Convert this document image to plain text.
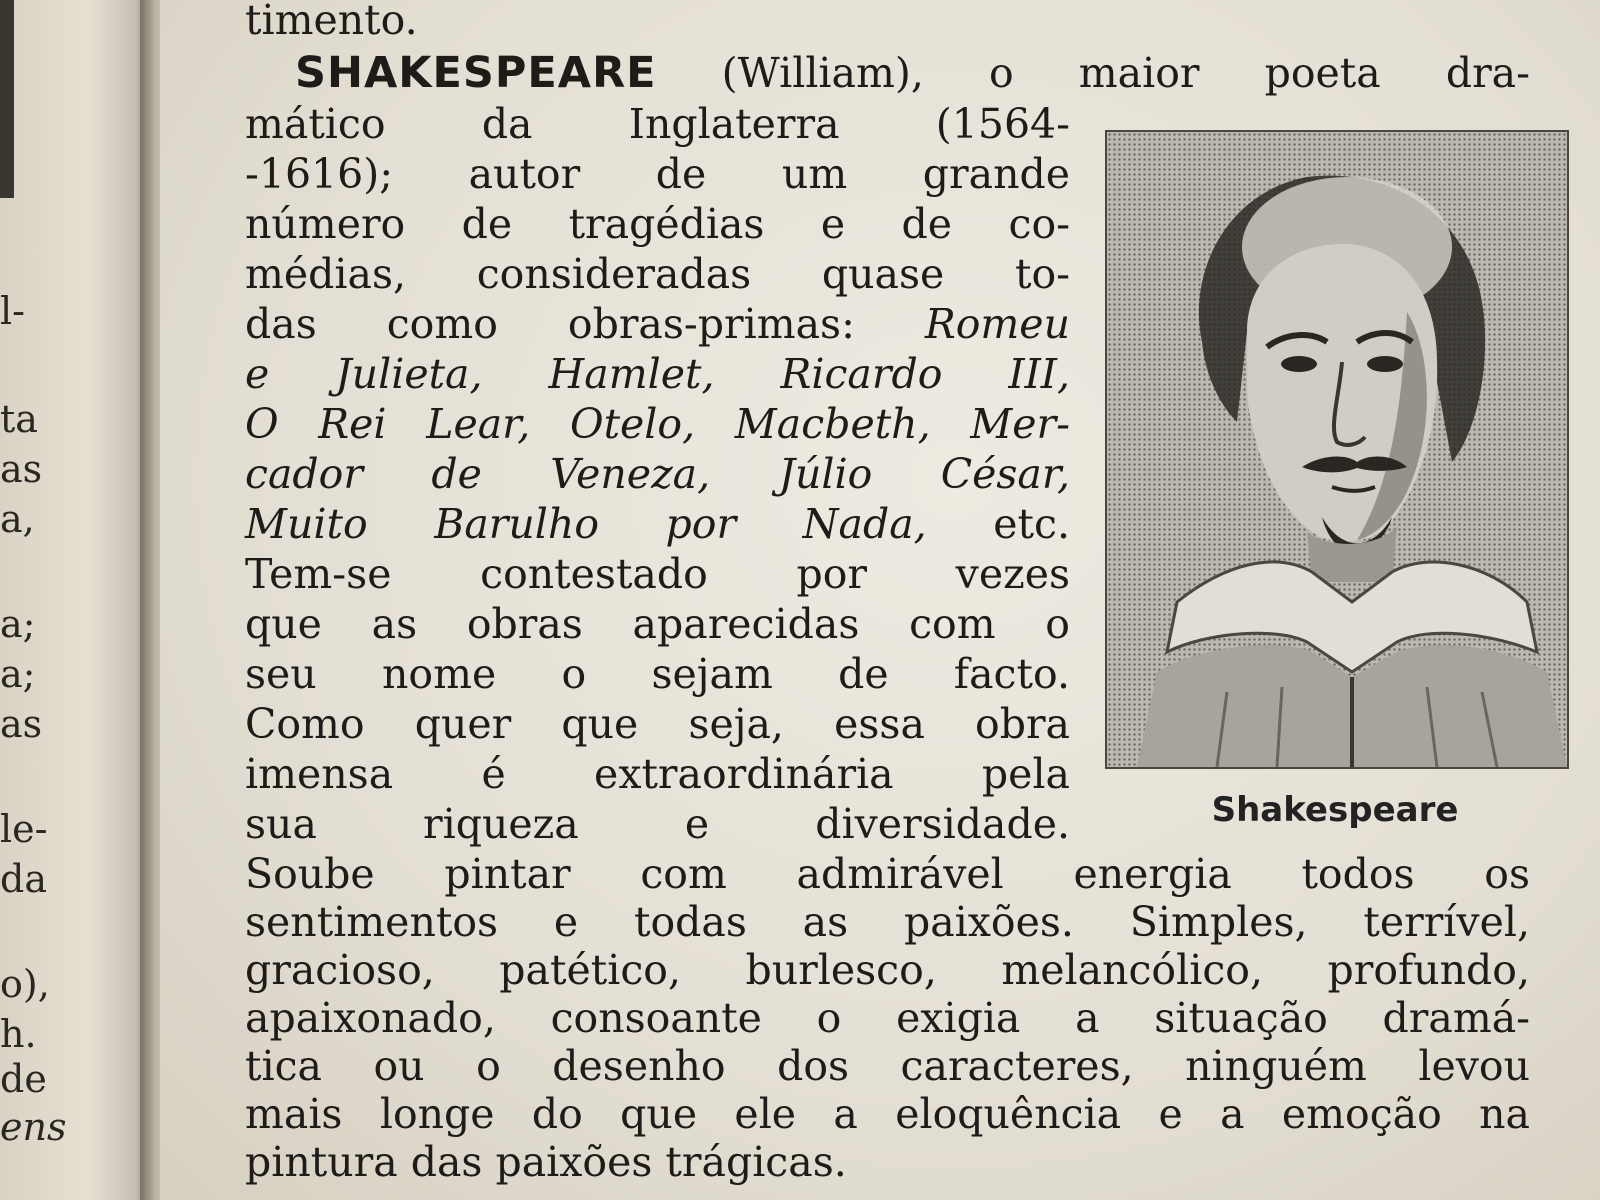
l-
ta
as
a,
a;
a;
as
le-
da
o),
h.
de
ens
timento.
SHAKESPEARE (William), o maior poeta dra-
mático da Inglaterra (1564-
-1616); autor de um grande
número de tragédias e de co-
médias, consideradas quase to-
das como obras-primas: Romeu
e Julieta, Hamlet, Ricardo III,
O Rei Lear, Otelo, Macbeth, Mer-
cador de Veneza, Júlio César,
Muito Barulho por Nada, etc.
Tem-se contestado por vezes
que as obras aparecidas com o
seu nome o sejam de facto.
Como quer que seja, essa obra
imensa é extraordinária pela
sua riqueza e diversidade.
Soube pintar com admirável energia todos os
sentimentos e todas as paixões. Simples, terrível,
gracioso, patético, burlesco, melancólico, profundo,
apaixonado, consoante o exigia a situação dramá-
tica ou o desenho dos caracteres, ninguém levou
mais longe do que ele a eloquência e a emoção na
pintura das paixões trágicas.
Shakespeare
